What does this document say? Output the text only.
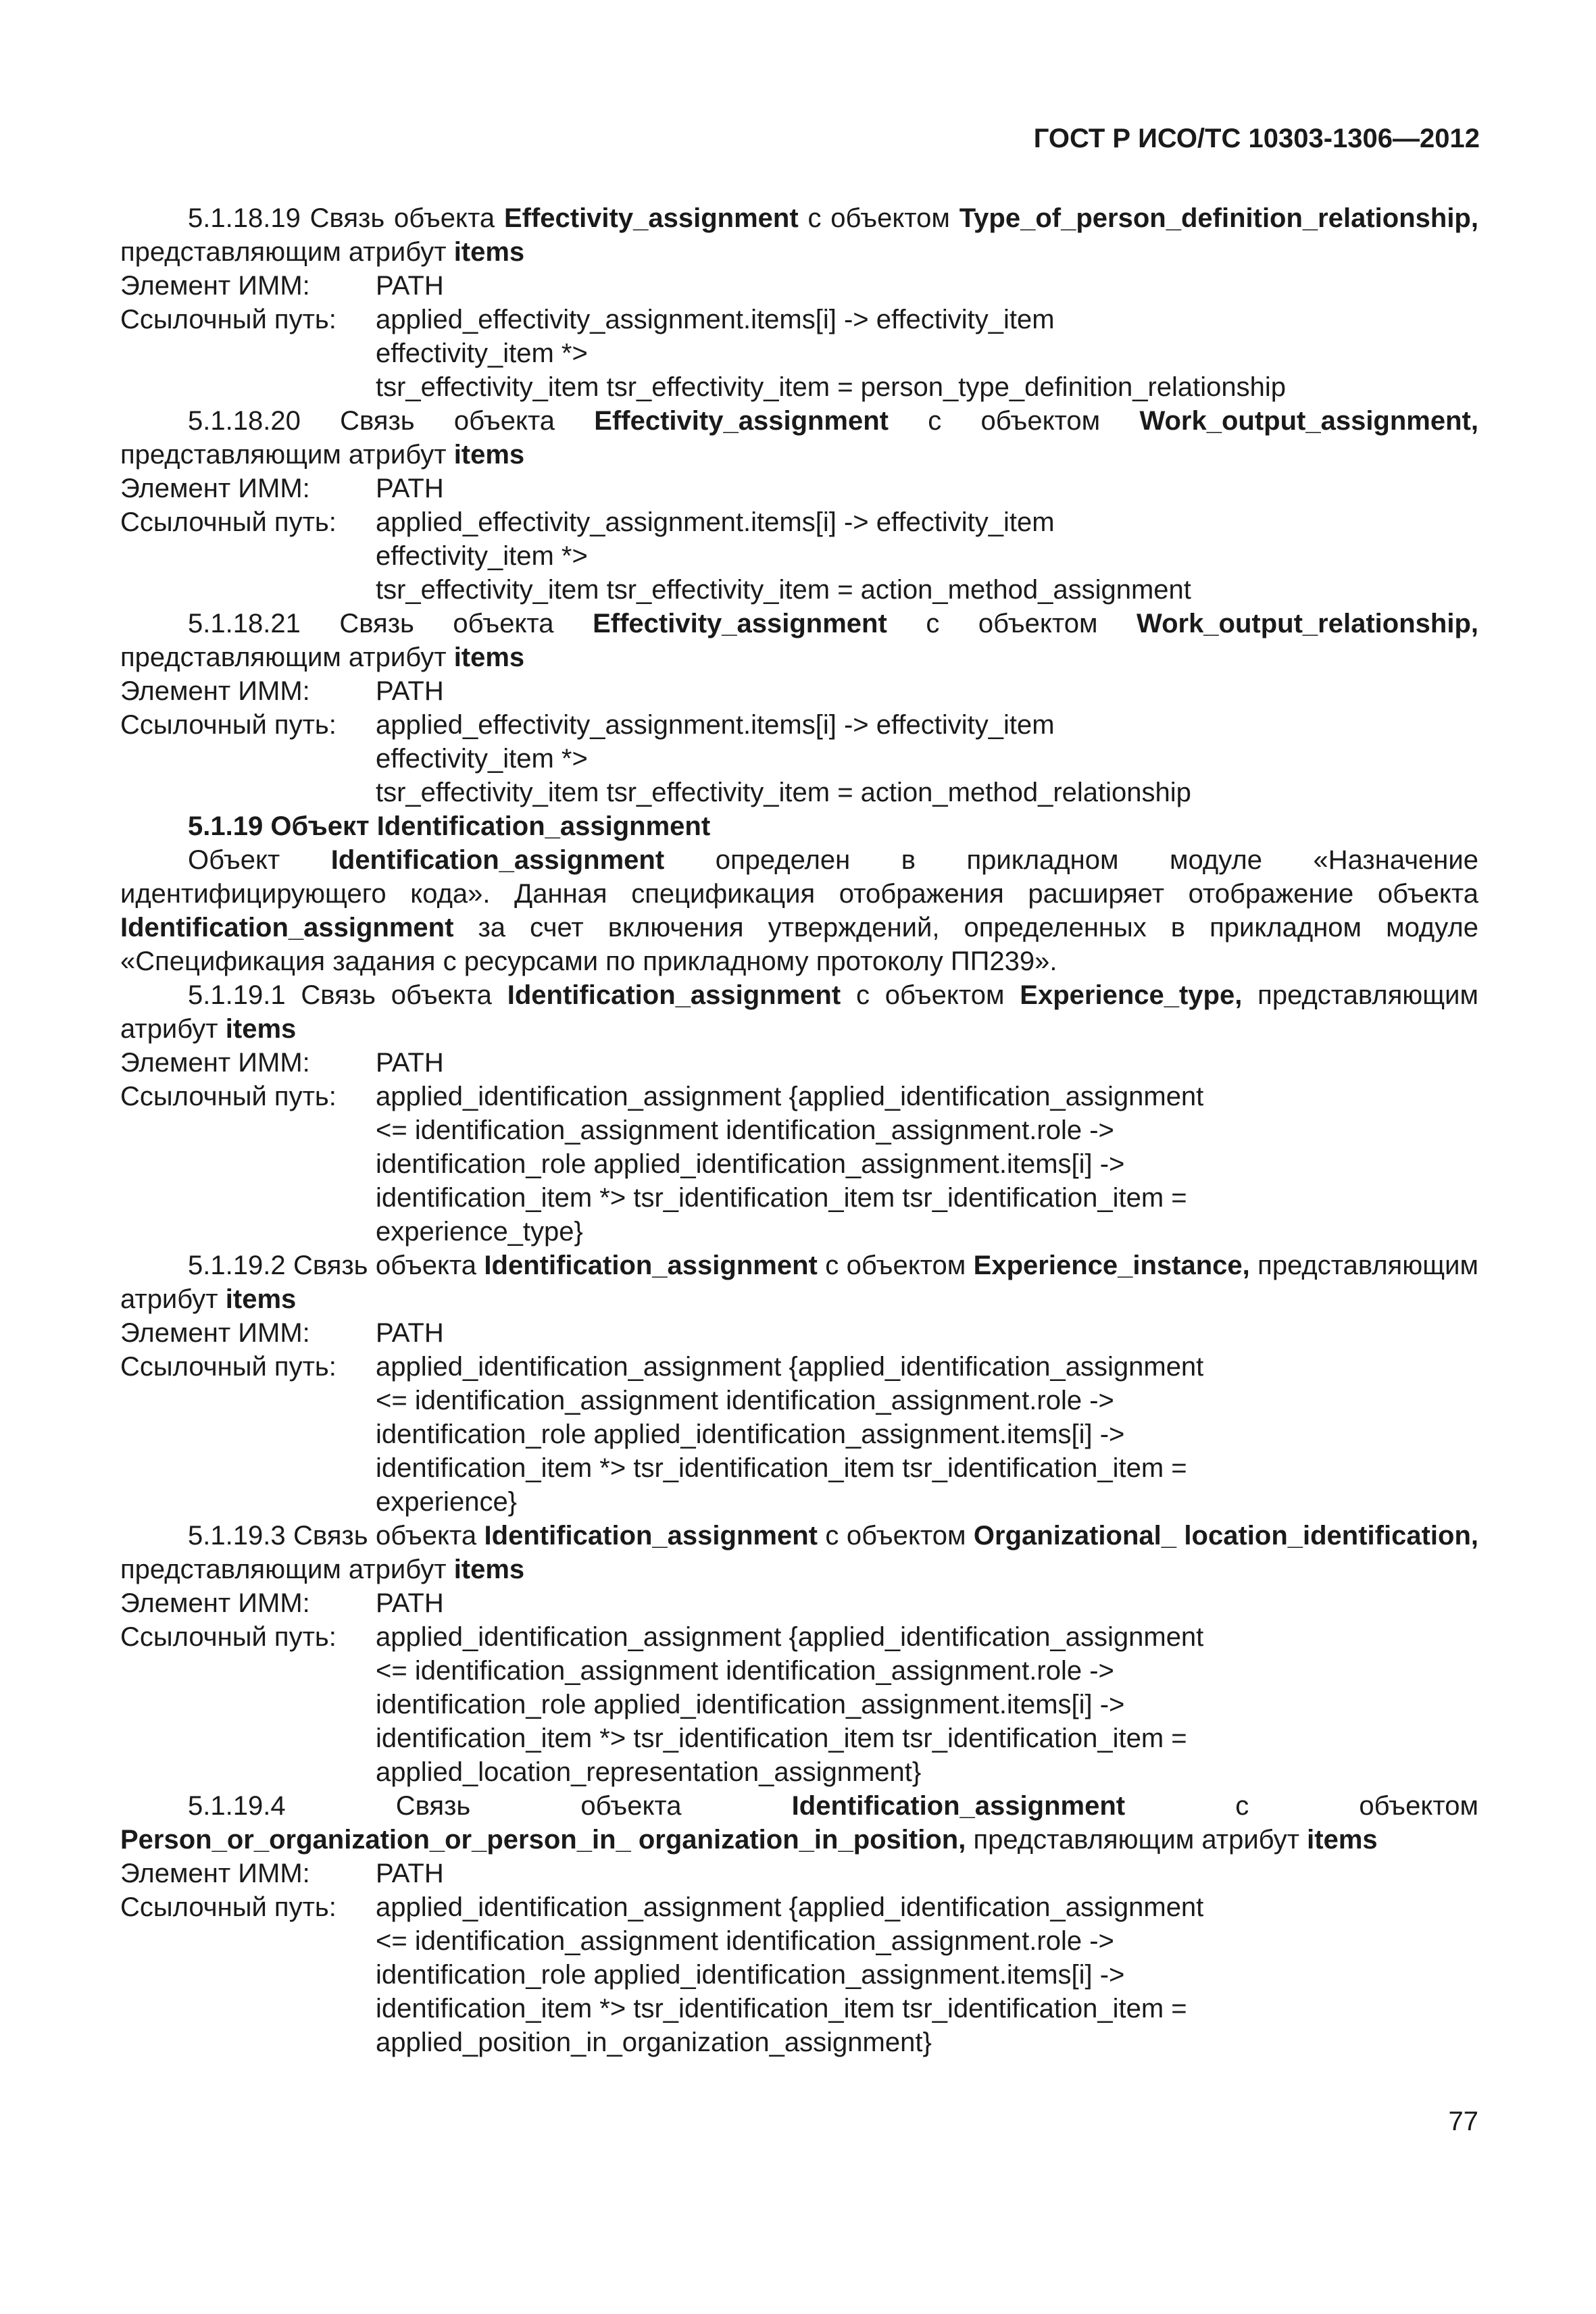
ГОСТ Р ИСО/ТС 10303-1306—2012

5.1.18.19 Связь объекта Effectivity_assignment с объектом Type_of_person_definition_relationship, представляющим атрибут items

Элемент ИММ:	PATH
Ссылочный путь:	applied_effectivity_assignment.items[i] -> effectivity_item
effectivity_item *>
tsr_effectivity_item tsr_effectivity_item = person_type_definition_relationship

5.1.18.20 Связь объекта Effectivity_assignment с объектом Work_output_assignment, представляющим атрибут items

Элемент ИММ:	PATH
Ссылочный путь:	applied_effectivity_assignment.items[i] -> effectivity_item
effectivity_item *>
tsr_effectivity_item tsr_effectivity_item = action_method_assignment

5.1.18.21 Связь объекта Effectivity_assignment с объектом Work_output_relationship, представляющим атрибут items

Элемент ИММ:	PATH
Ссылочный путь:	applied_effectivity_assignment.items[i] -> effectivity_item
effectivity_item *>
tsr_effectivity_item tsr_effectivity_item = action_method_relationship

5.1.19 Объект Identification_assignment

Объект Identification_assignment определен в прикладном модуле «Назначение идентифицирующего кода». Данная спецификация отображения расширяет отображение объекта Identification_assignment за счет включения утверждений, определенных в прикладном модуле «Спецификация задания с ресурсами по прикладному протоколу ПП239».

5.1.19.1 Связь объекта Identification_assignment с объектом Experience_type, представляющим атрибут items

Элемент ИММ:	PATH
Ссылочный путь:	applied_identification_assignment {applied_identification_assignment
<= identification_assignment identification_assignment.role ->
identification_role applied_identification_assignment.items[i] ->
identification_item *> tsr_identification_item tsr_identification_item =
experience_type}

5.1.19.2 Связь объекта Identification_assignment с объектом Experience_instance, представляющим атрибут items

Элемент ИММ:	PATH
Ссылочный путь:	applied_identification_assignment {applied_identification_assignment
<= identification_assignment identification_assignment.role ->
identification_role applied_identification_assignment.items[i] ->
identification_item *> tsr_identification_item tsr_identification_item =
experience}

5.1.19.3 Связь объекта Identification_assignment с объектом Organizational_ location_identification, представляющим атрибут items

Элемент ИММ:	PATH
Ссылочный путь:	applied_identification_assignment {applied_identification_assignment
<= identification_assignment identification_assignment.role ->
identification_role applied_identification_assignment.items[i] ->
identification_item *> tsr_identification_item tsr_identification_item =
applied_location_representation_assignment}

5.1.19.4	Связь объекта	Identification_assignment	с объектом Person_or_organization_or_person_in_ organization_in_position, представляющим атрибут items

Элемент ИММ:	PATH
Ссылочный путь:	applied_identification_assignment {applied_identification_assignment
<= identification_assignment identification_assignment.role ->
identification_role applied_identification_assignment.items[i] ->
identification_item *> tsr_identification_item tsr_identification_item =
applied_position_in_organization_assignment}
77
